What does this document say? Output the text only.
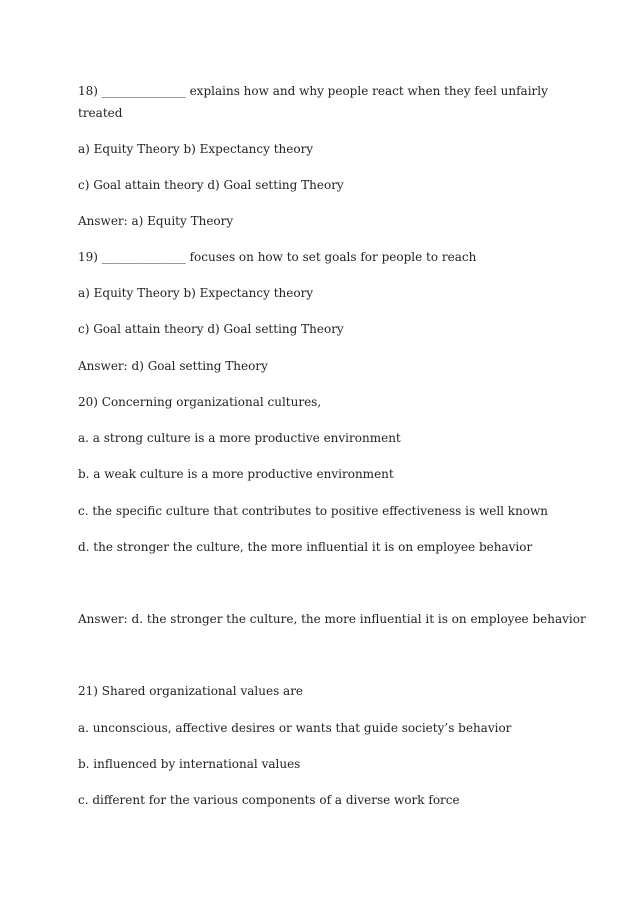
18) ______________ explains how and why people react when they feel unfairly
treated
a) Equity Theory b) Expectancy theory
c) Goal attain theory d) Goal setting Theory
Answer: a) Equity Theory
19) ______________ focuses on how to set goals for people to reach
a) Equity Theory b) Expectancy theory
c) Goal attain theory d) Goal setting Theory
Answer: d) Goal setting Theory
20) Concerning organizational cultures,
a. a strong culture is a more productive environment
b. a weak culture is a more productive environment
c. the specific culture that contributes to positive effectiveness is well known
d. the stronger the culture, the more influential it is on employee behavior
Answer: d. the stronger the culture, the more influential it is on employee behavior
21) Shared organizational values are
a. unconscious, affective desires or wants that guide society’s behavior
b. influenced by international values
c. different for the various components of a diverse work force
